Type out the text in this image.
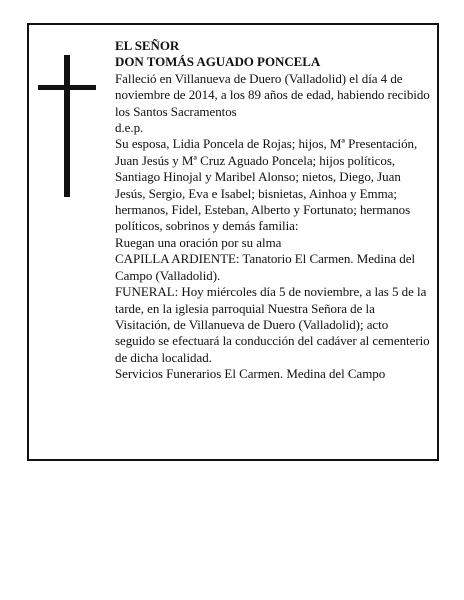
EL SEÑOR

DON TOMÁS AGUADO PONCELA

Falleció en Villanueva de Duero (Valladolid) el día 4 de noviembre de 2014, a los 89 años de edad, habiendo recibido los Santos Sacramentos

d.e.p.

Su esposa, Lidia Poncela de Rojas; hijos, Mª Presentación, Juan Jesús y Mª Cruz Aguado Poncela; hijos políticos, Santiago Hinojal y Maribel Alonso; nietos, Diego, Juan Jesús, Sergio, Eva e Isabel; bisnietas, Ainhoa y Emma; hermanos, Fidel, Esteban, Alberto y Fortunato; hermanos políticos, sobrinos y demás familia:

Ruegan una oración por su alma

CAPILLA ARDIENTE: Tanatorio El Carmen. Medina del Campo (Valladolid).

FUNERAL: Hoy miércoles día 5 de noviembre, a las 5 de la tarde, en la iglesia parroquial Nuestra Señora de la Visitación, de Villanueva de Duero (Valladolid); acto seguido se efectuará la conducción del cadáver al cementerio de dicha localidad.

Servicios Funerarios El Carmen. Medina del Campo
